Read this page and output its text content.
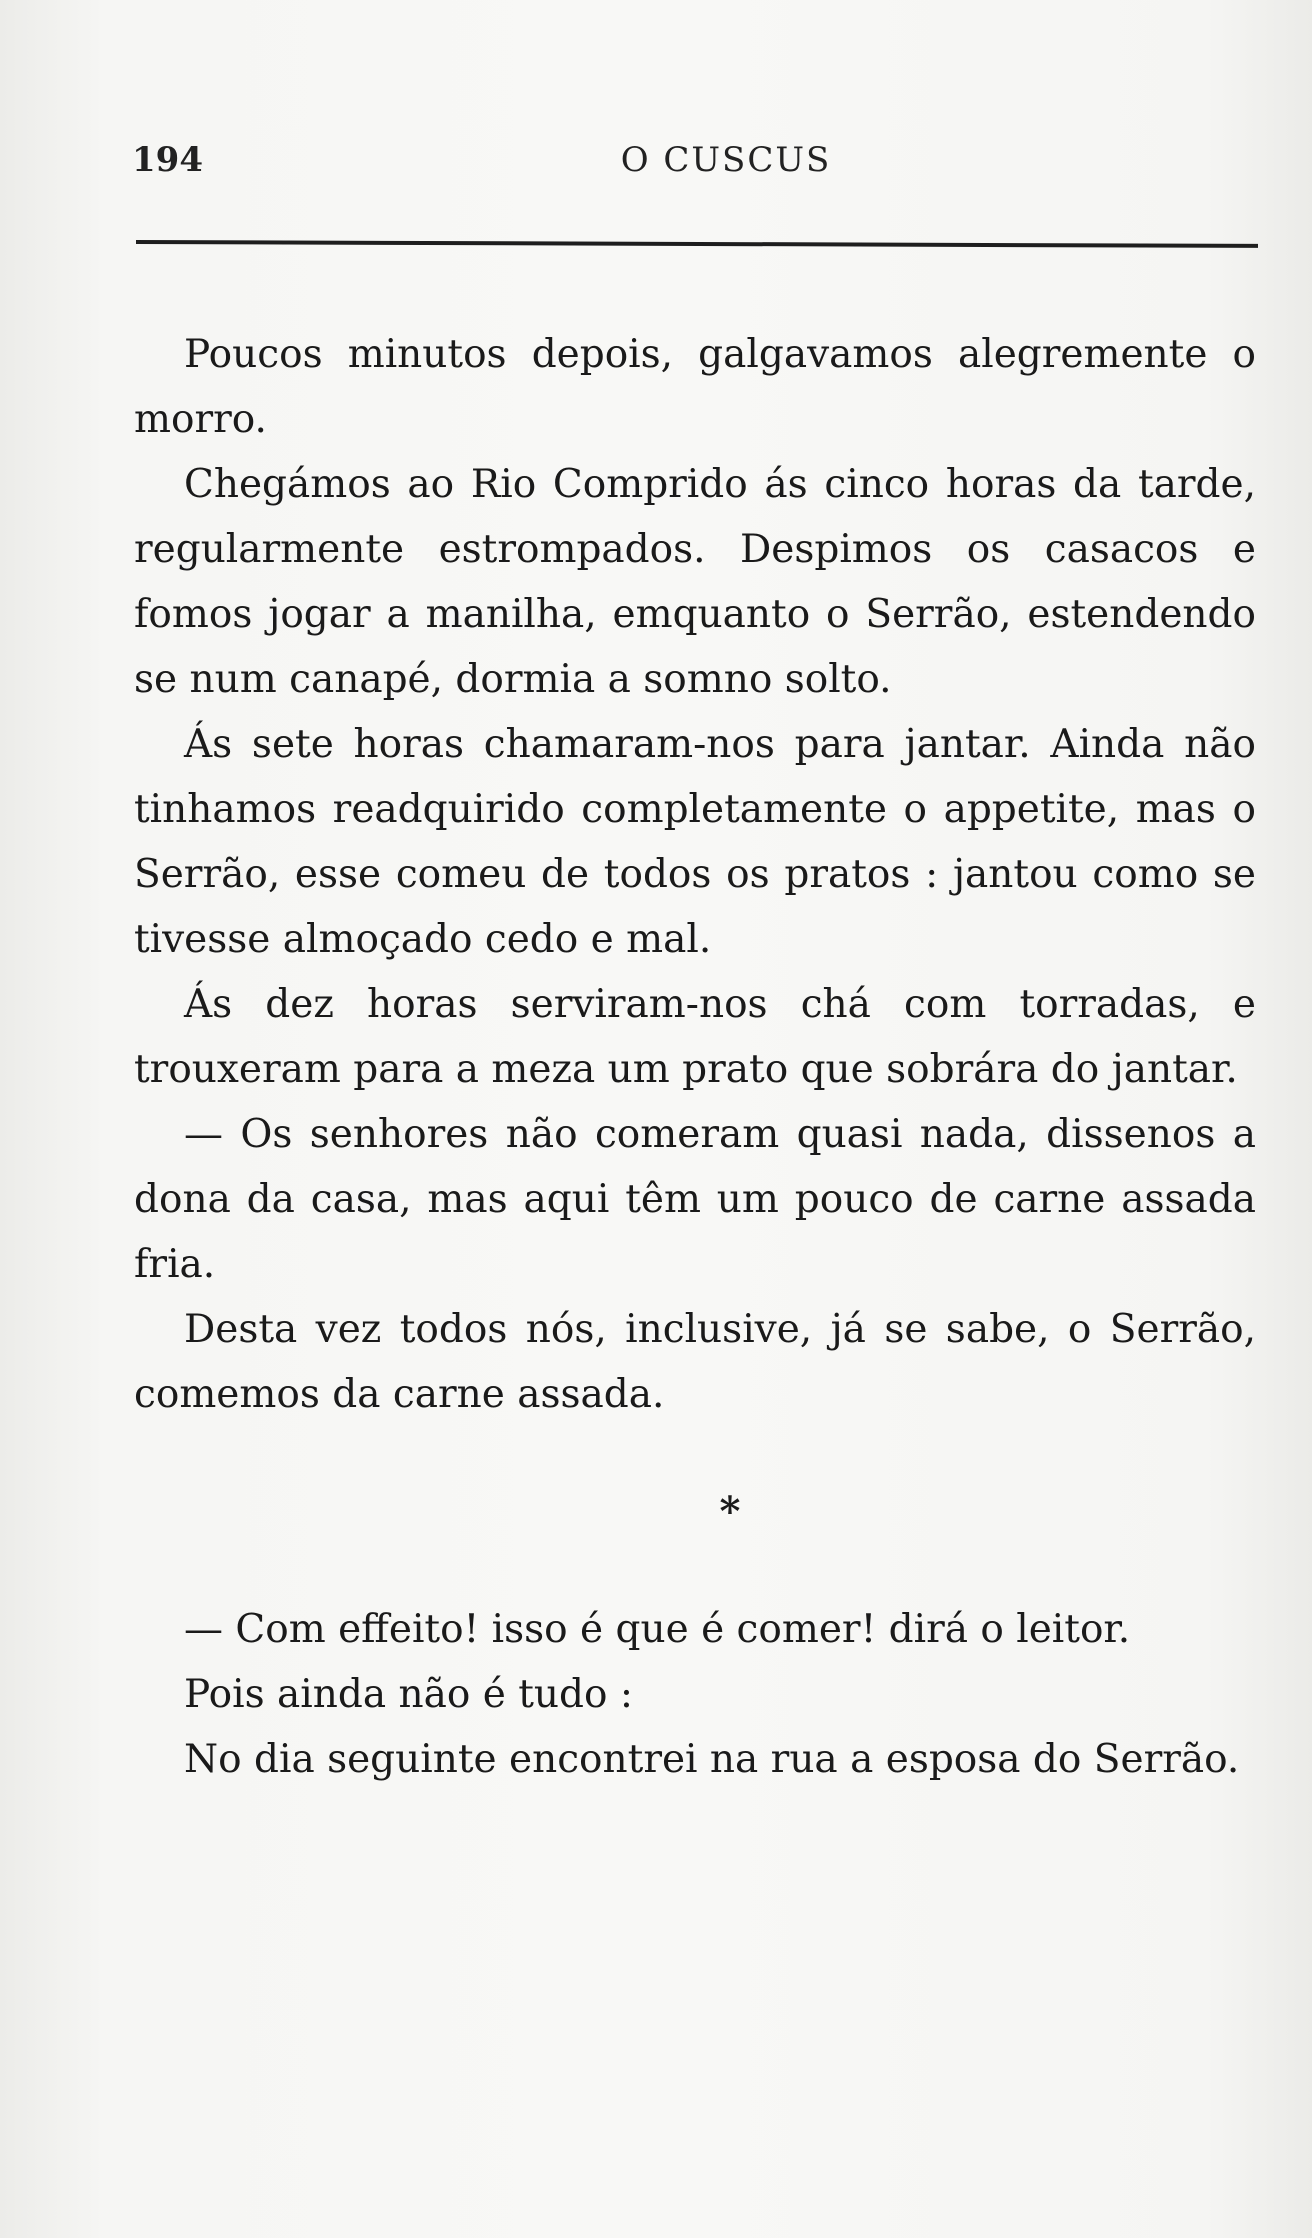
194	O CUSCUS

Poucos minutos depois, galgavamos alegremente o morro.

Chegámos ao Rio Comprido ás cinco horas da tarde, regularmente estrompados. Despimos os casacos e fomos jogar a manilha, emquanto o Serrão, estendendo se num canapé, dormia a somno solto.

Ás sete horas chamaram-nos para jantar. Ainda não tinhamos readquirido completamente o appetite, mas o Serrão, esse comeu de todos os pratos : jantou como se tivesse almoçado cedo e mal.

Ás dez horas serviram-nos chá com torradas, e trouxeram para a meza um prato que sobrára do jantar.

— Os senhores não comeram quasi nada, dissenos a dona da casa, mas aqui têm um pouco de carne assada fria.

Desta vez todos nós, inclusive, já se sabe, o Serrão, comemos da carne assada.

*

— Com effeito! isso é que é comer! dirá o leitor.

Pois ainda não é tudo :

No dia seguinte encontrei na rua a esposa do Serrão.
